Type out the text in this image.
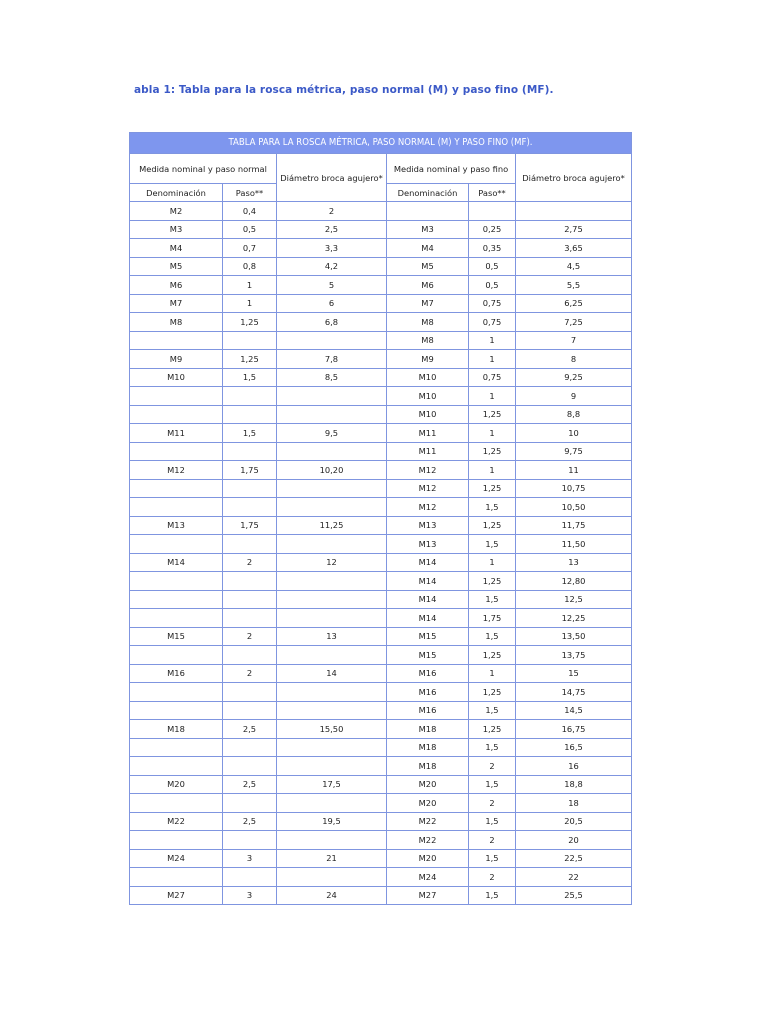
abla 1: Tabla para la rosca métrica, paso normal (M) y paso fino (MF).
TABLA PARA LA ROSCA MÉTRICA, PASO NORMAL (M) Y PASO FINO (MF).					
Medida nominal y paso normal		Diámetro broca agujero*	Medida nominal y paso fino		Diámetro broca agujero*
Denominación	Paso**		Denominación	Paso**	
M2	0,4	2			
M3	0,5	2,5	M3	0,25	2,75
M4	0,7	3,3	M4	0,35	3,65
M5	0,8	4,2	M5	0,5	4,5
M6	1	5	M6	0,5	5,5
M7	1	6	M7	0,75	6,25
M8	1,25	6,8	M8	0,75	7,25
			M8	1	7
M9	1,25	7,8	M9	1	8
M10	1,5	8,5	M10	0,75	9,25
			M10	1	9
			M10	1,25	8,8
M11	1,5	9,5	M11	1	10
			M11	1,25	9,75
M12	1,75	10,20	M12	1	11
			M12	1,25	10,75
			M12	1,5	10,50
M13	1,75	11,25	M13	1,25	11,75
			M13	1,5	11,50
M14	2	12	M14	1	13
			M14	1,25	12,80
			M14	1,5	12,5
			M14	1,75	12,25
M15	2	13	M15	1,5	13,50
			M15	1,25	13,75
M16	2	14	M16	1	15
			M16	1,25	14,75
			M16	1,5	14,5
M18	2,5	15,50	M18	1,25	16,75
			M18	1,5	16,5
			M18	2	16
M20	2,5	17,5	M20	1,5	18,8
			M20	2	18
M22	2,5	19,5	M22	1,5	20,5
			M22	2	20
M24	3	21	M20	1,5	22,5
			M24	2	22
M27	3	24	M27	1,5	25,5
